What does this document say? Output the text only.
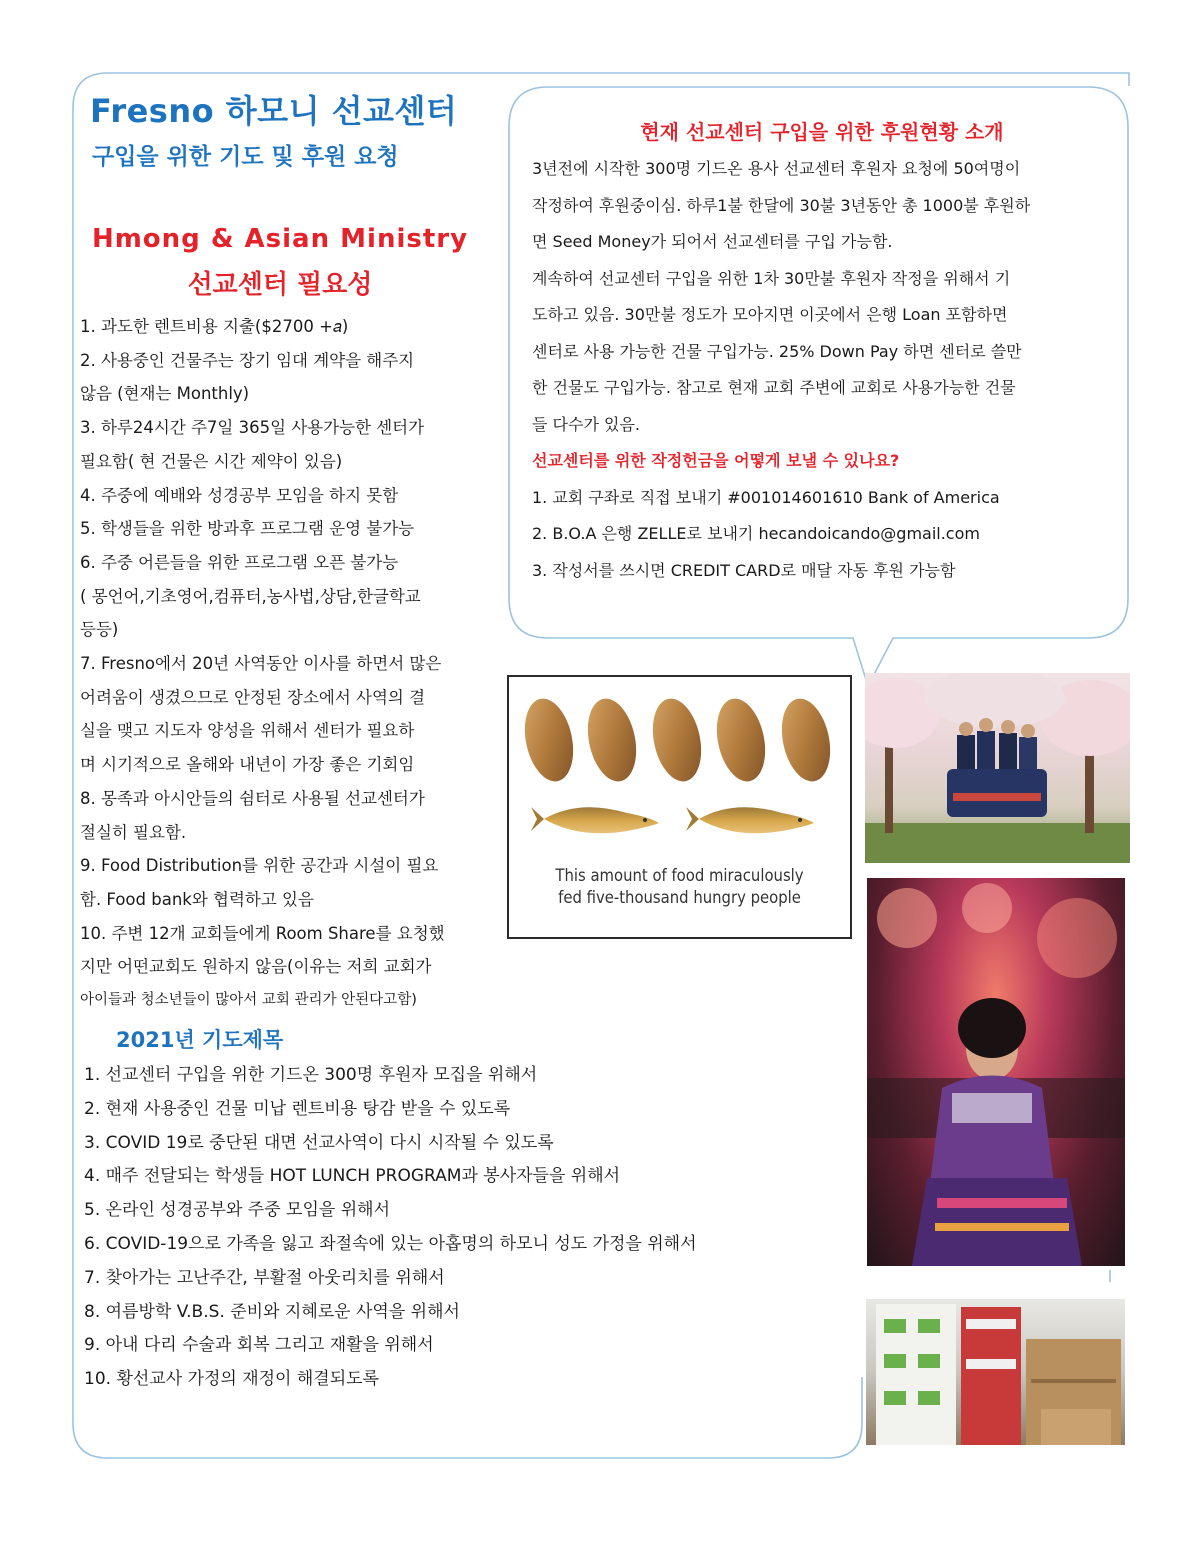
Fresno 하모니 선교센터
구입을 위한 기도 및 후원 요청
Hmong & Asian Ministry
선교센터 필요성

1. 과도한 렌트비용 지출($2700 +𝑎)

2. 사용중인 건물주는 장기 임대 계약을 해주지

않음 (현재는 Monthly)

3. 하루24시간 주7일 365일 사용가능한 센터가

필요함( 현 건물은 시간 제약이 있음)

4. 주중에 예배와 성경공부 모임을 하지 못함

5. 학생들을 위한 방과후 프로그램 운영 불가능

6. 주중 어른들을 위한 프로그램 오픈 불가능

( 몽언어,기초영어,컴퓨터,농사법,상담,한글학교

등등)

7. Fresno에서 20년 사역동안 이사를 하면서 많은

어려움이 생겼으므로 안정된 장소에서 사역의 결

실을 맺고 지도자 양성을 위해서 센터가 필요하

며 시기적으로 올해와 내년이 가장 좋은 기회임

8. 몽족과 아시안들의 쉼터로 사용될 선교센터가

절실히 필요함.

9. Food Distribution를 위한 공간과 시설이 필요

함. Food bank와 협력하고 있음

10. 주변 12개 교회들에게 Room Share를 요청했

지만 어떤교회도 원하지 않음(이유는 저희 교회가

아이들과 청소년들이 많아서 교회 관리가 안된다고함)

2021년 기도제목

1. 선교센터 구입을 위한 기드온 300명 후원자 모집을 위해서

2. 현재 사용중인 건물 미납 렌트비용 탕감 받을 수 있도록

3. COVID 19로 중단된 대면 선교사역이 다시 시작될 수 있도록

4. 매주 전달되는 학생들 HOT LUNCH PROGRAM과 봉사자들을 위해서

5. 온라인 성경공부와 주중 모임을 위해서

6. COVID-19으로 가족을 잃고 좌절속에 있는 아홉명의 하모니 성도 가정을 위해서

7. 찾아가는 고난주간, 부활절 아웃리치를 위해서

8. 여름방학 V.B.S. 준비와 지혜로운 사역을 위해서

9. 아내 다리 수술과 회복 그리고 재활을 위해서

10. 황선교사 가정의 재정이 해결되도록

현재 선교센터 구입을 위한 후원현황 소개

3년전에 시작한 300명 기드온 용사 선교센터 후원자 요청에 50여명이

작정하여 후원중이심. 하루1불 한달에 30불 3년동안 총 1000불 후원하

면 Seed Money가 되어서 선교센터를 구입 가능함.

계속하여 선교센터 구입을 위한 1차 30만불 후원자 작정을 위해서 기

도하고 있음. 30만불 정도가 모아지면 이곳에서 은행 Loan 포함하면

센터로 사용 가능한 건물 구입가능. 25% Down Pay 하면 센터로 쓸만

한 건물도 구입가능. 참고로 현재 교회 주변에 교회로 사용가능한 건물

들 다수가 있음.

선교센터를 위한 작정헌금을 어떻게 보낼 수 있나요?

1. 교회 구좌로 직접 보내기 #001014601610 Bank of America

2. B.O.A 은행 ZELLE로 보내기 hecandoicando@gmail.com

3. 작성서를 쓰시면 CREDIT CARD로 매달 자동 후원 가능함

This amount of food miraculously
fed five-thousand hungry people
